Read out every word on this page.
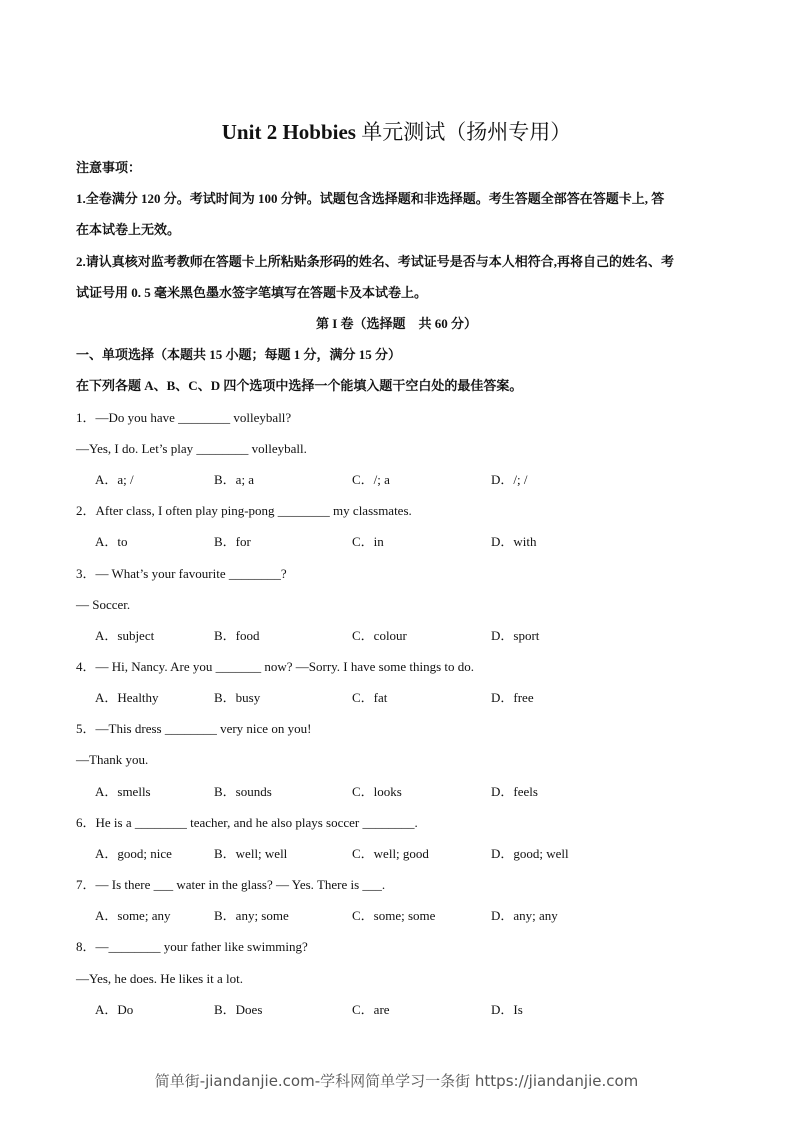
Unit 2 Hobbies 单元测试（扬州专用）
注意事项：
1.全卷满分 120 分。考试时间为 100 分钟。试题包含选择题和非选择题。考生答题全部答在答题卡上, 答
在本试卷上无效。
2.请认真核对监考教师在答题卡上所粘贴条形码的姓名、考试证号是否与本人相符合,再将自己的姓名、考
试证号用 0. 5 毫米黑色墨水签字笔填写在答题卡及本试卷上。
第 I 卷（选择题　共 60 分）
一、单项选择（本题共 15 小题；每题 1 分，满分 15 分）
在下列各题 A、B、C、D 四个选项中选择一个能填入题干空白处的最佳答案。
1．—Do you have ________ volleyball?
—Yes, I do. Let’s play ________ volleyball.
A．a; /	B．a; a	C．/; a	D．/; /
2．After class, I often play ping-pong ________ my classmates.
A．to	B．for	C．in	D．with
3．— What’s your favourite ________?
— Soccer.
A．subject	B．food	C．colour	D．sport
4．— Hi, Nancy. Are you _______ now? —Sorry. I have some things to do.
A．Healthy	B．busy	C．fat	D．free
5．—This dress ________ very nice on you!
—Thank you.
A．smells	B．sounds	C．looks	D．feels
6．He is a ________ teacher, and he also plays soccer ________.
A．good; nice	B．well; well	C．well; good	D．good; well
7．— Is there ___ water in the glass? — Yes. There is ___.
A．some; any	B．any; some	C．some; some	D．any; any
8．—________ your father like swimming?
—Yes, he does. He likes it a lot.
A．Do	B．Does	C．are	D．Is
简单街-jiandanjie.com-学科网简单学习一条街 https://jiandanjie.com
